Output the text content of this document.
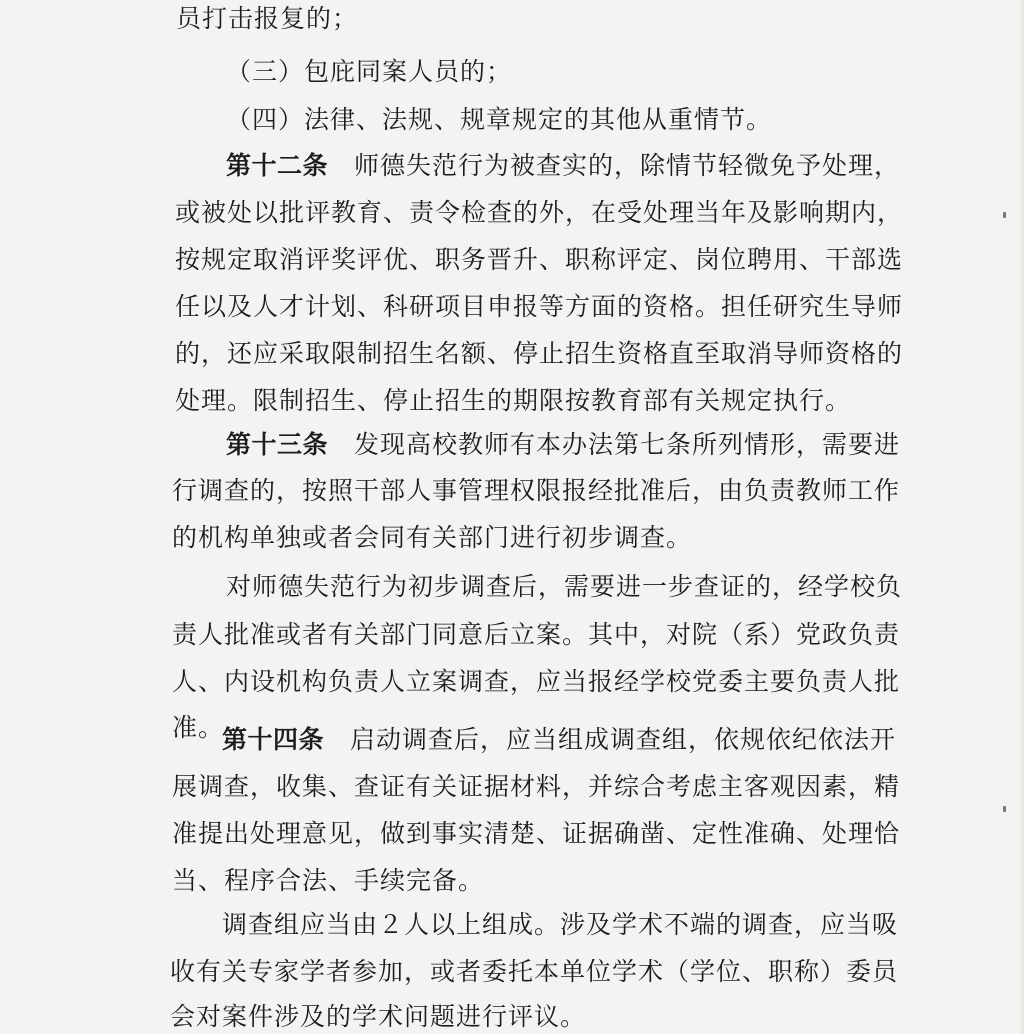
员打击报复的；
（三）包庇同案人员的；
（四）法律、法规、规章规定的其他从重情节。
第十二条 师德失范行为被查实的，除情节轻微免予处理，
或被处以批评教育、责令检查的外，在受处理当年及影响期内，
按规定取消评奖评优、职务晋升、职称评定、岗位聘用、干部选
任以及人才计划、科研项目申报等方面的资格。担任研究生导师
的，还应采取限制招生名额、停止招生资格直至取消导师资格的
处理。限制招生、停止招生的期限按教育部有关规定执行。
第十三条 发现高校教师有本办法第七条所列情形，需要进
行调查的，按照干部人事管理权限报经批准后，由负责教师工作
的机构单独或者会同有关部门进行初步调查。
对师德失范行为初步调查后，需要进一步查证的，经学校负
责人批准或者有关部门同意后立案。其中，对院（系）党政负责
人、内设机构负责人立案调查，应当报经学校党委主要负责人批
准。
第十四条 启动调查后，应当组成调查组，依规依纪依法开
展调查，收集、查证有关证据材料，并综合考虑主客观因素，精
准提出处理意见，做到事实清楚、证据确凿、定性准确、处理恰
当、程序合法、手续完备。
调查组应当由２人以上组成。涉及学术不端的调查，应当吸
收有关专家学者参加，或者委托本单位学术（学位、职称）委员
会对案件涉及的学术问题进行评议。
